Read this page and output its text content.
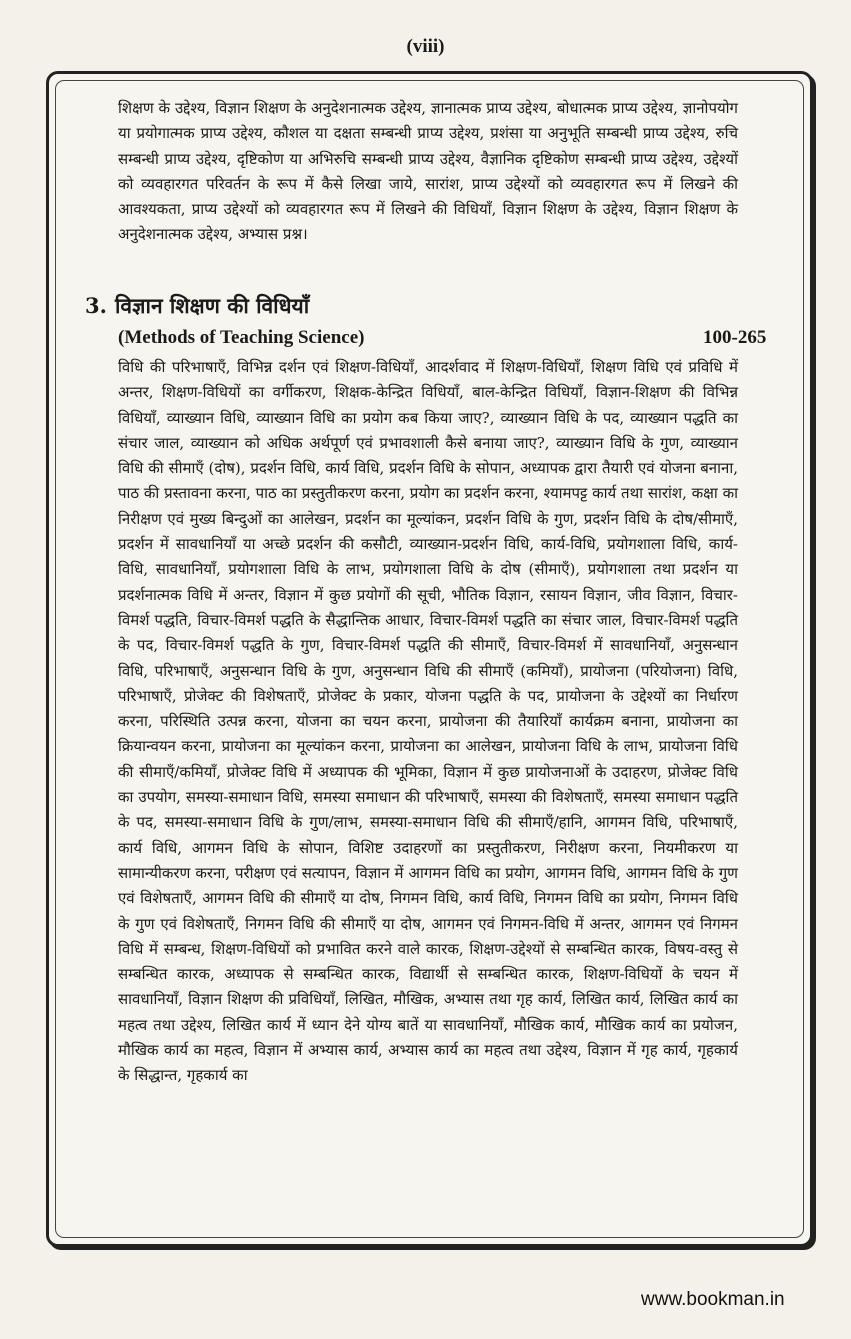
(viii)
शिक्षण के उद्देश्य, विज्ञान शिक्षण के अनुदेशनात्मक उद्देश्य, ज्ञानात्मक प्राप्य उद्देश्य, बोधात्मक प्राप्य उद्देश्य, ज्ञानोपयोग या प्रयोगात्मक प्राप्य उद्देश्य, कौशल या दक्षता सम्बन्धी प्राप्य उद्देश्य, प्रशंसा या अनुभूति सम्बन्धी प्राप्य उद्देश्य, रुचि सम्बन्धी प्राप्य उद्देश्य, दृष्टिकोण या अभिरुचि सम्बन्धी प्राप्य उद्देश्य, वैज्ञानिक दृष्टिकोण सम्बन्धी प्राप्य उद्देश्य, उद्देश्यों को व्यवहारगत परिवर्तन के रूप में कैसे लिखा जाये, सारांश, प्राप्य उद्देश्यों को व्यवहारगत रूप में लिखने की आवश्यकता, प्राप्य उद्देश्यों को व्यवहारगत रूप में लिखने की विधियाँ, विज्ञान शिक्षण के उद्देश्य, विज्ञान शिक्षण के अनुदेशनात्मक उद्देश्य, अभ्यास प्रश्न।
3. विज्ञान शिक्षण की विधियाँ
(Methods of Teaching Science)	100-265
विधि की परिभाषाएँ, विभिन्न दर्शन एवं शिक्षण-विधियाँ, आदर्शवाद में शिक्षण-विधियाँ, शिक्षण विधि एवं प्रविधि में अन्तर, शिक्षण-विधियों का वर्गीकरण, शिक्षक-केन्द्रित विधियाँ, बाल-केन्द्रित विधियाँ, विज्ञान-शिक्षण की विभिन्न विधियाँ, व्याख्यान विधि, व्याख्यान विधि का प्रयोग कब किया जाए?, व्याख्यान विधि के पद, व्याख्यान पद्धति का संचार जाल, व्याख्यान को अधिक अर्थपूर्ण एवं प्रभावशाली कैसे बनाया जाए?, व्याख्यान विधि के गुण, व्याख्यान विधि की सीमाएँ (दोष), प्रदर्शन विधि, कार्य विधि, प्रदर्शन विधि के सोपान, अध्यापक द्वारा तैयारी एवं योजना बनाना, पाठ की प्रस्तावना करना, पाठ का प्रस्तुतीकरण करना, प्रयोग का प्रदर्शन करना, श्यामपट्ट कार्य तथा सारांश, कक्षा का निरीक्षण एवं मुख्य बिन्दुओं का आलेखन, प्रदर्शन का मूल्यांकन, प्रदर्शन विधि के गुण, प्रदर्शन विधि के दोष/सीमाएँ, प्रदर्शन में सावधानियाँ या अच्छे प्रदर्शन की कसौटी, व्याख्यान-प्रदर्शन विधि, कार्य-विधि, प्रयोगशाला विधि, कार्य-विधि, सावधानियाँ, प्रयोगशाला विधि के लाभ, प्रयोगशाला विधि के दोष (सीमाएँ), प्रयोगशाला तथा प्रदर्शन या प्रदर्शनात्मक विधि में अन्तर, विज्ञान में कुछ प्रयोगों की सूची, भौतिक विज्ञान, रसायन विज्ञान, जीव विज्ञान, विचार-विमर्श पद्धति, विचार-विमर्श पद्धति के सैद्धान्तिक आधार, विचार-विमर्श पद्धति का संचार जाल, विचार-विमर्श पद्धति के पद, विचार-विमर्श पद्धति के गुण, विचार-विमर्श पद्धति की सीमाएँ, विचार-विमर्श में सावधानियाँ, अनुसन्धान विधि, परिभाषाएँ, अनुसन्धान विधि के गुण, अनुसन्धान विधि की सीमाएँ (कमियाँ), प्रायोजना (परियोजना) विधि, परिभाषाएँ, प्रोजेक्ट की विशेषताएँ, प्रोजेक्ट के प्रकार, योजना पद्धति के पद, प्रायोजना के उद्देश्यों का निर्धारण करना, परिस्थिति उत्पन्न करना, योजना का चयन करना, प्रायोजना की तैयारियाँ कार्यक्रम बनाना, प्रायोजना का क्रियान्वयन करना, प्रायोजना का मूल्यांकन करना, प्रायोजना का आलेखन, प्रायोजना विधि के लाभ, प्रायोजना विधि की सीमाएँ/कमियाँ, प्रोजेक्ट विधि में अध्यापक की भूमिका, विज्ञान में कुछ प्रायोजनाओं के उदाहरण, प्रोजेक्ट विधि का उपयोग, समस्या-समाधान विधि, समस्या समाधान की परिभाषाएँ, समस्या की विशेषताएँ, समस्या समाधान पद्धति के पद, समस्या-समाधान विधि के गुण/लाभ, समस्या-समाधान विधि की सीमाएँ/हानि, आगमन विधि, परिभाषाएँ, कार्य विधि, आगमन विधि के सोपान, विशिष्ट उदाहरणों का प्रस्तुतीकरण, निरीक्षण करना, नियमीकरण या सामान्यीकरण करना, परीक्षण एवं सत्यापन, विज्ञान में आगमन विधि का प्रयोग, आगमन विधि, आगमन विधि के गुण एवं विशेषताएँ, आगमन विधि की सीमाएँ या दोष, निगमन विधि, कार्य विधि, निगमन विधि का प्रयोग, निगमन विधि के गुण एवं विशेषताएँ, निगमन विधि की सीमाएँ या दोष, आगमन एवं निगमन-विधि में अन्तर, आगमन एवं निगमन विधि में सम्बन्ध, शिक्षण-विधियों को प्रभावित करने वाले कारक, शिक्षण-उद्देश्यों से सम्बन्धित कारक, विषय-वस्तु से सम्बन्धित कारक, अध्यापक से सम्बन्धित कारक, विद्यार्थी से सम्बन्धित कारक, शिक्षण-विधियों के चयन में सावधानियाँ, विज्ञान शिक्षण की प्रविधियाँ, लिखित, मौखिक, अभ्यास तथा गृह कार्य, लिखित कार्य, लिखित कार्य का महत्व तथा उद्देश्य, लिखित कार्य में ध्यान देने योग्य बातें या सावधानियाँ, मौखिक कार्य, मौखिक कार्य का प्रयोजन, मौखिक कार्य का महत्व, विज्ञान में अभ्यास कार्य, अभ्यास कार्य का महत्व तथा उद्देश्य, विज्ञान में गृह कार्य, गृहकार्य के सिद्धान्त, गृहकार्य का
www.bookman.in
